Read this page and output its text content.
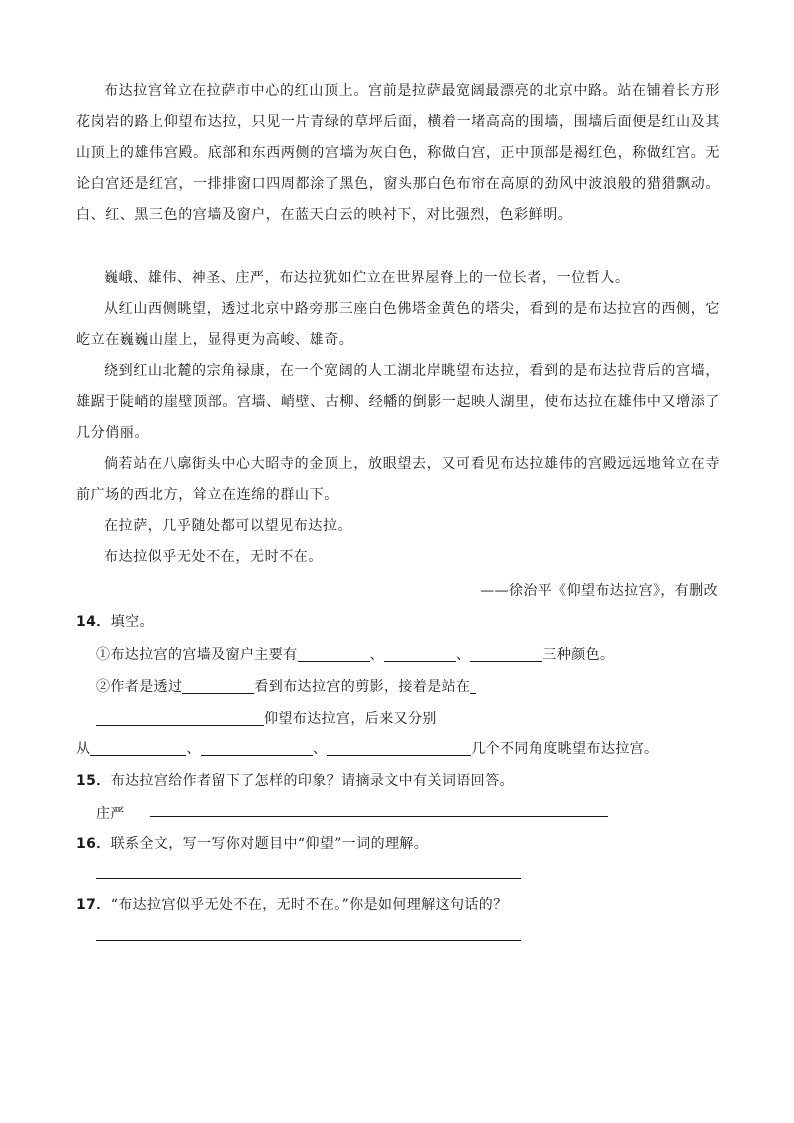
布达拉宫耸立在拉萨市中心的红山顶上。宫前是拉萨最宽阔最漂亮的北京中路。站在铺着长方形花岗岩的路上仰望布达拉，只见一片青绿的草坪后面，横着一堵高高的围墙，围墙后面便是红山及其山顶上的雄伟宫殿。底部和东西两侧的宫墙为灰白色，称做白宫，正中顶部是褐红色，称做红宫。无论白宫还是红宫，一排排窗口四周都涂了黑色，窗头那白色布帘在高原的劲风中波浪般的猎猎飘动。白、红、黑三色的宫墙及窗户，在蓝天白云的映衬下，对比强烈，色彩鲜明。

巍峨、雄伟、神圣、庄严，布达拉犹如伫立在世界屋脊上的一位长者，一位哲人。

从红山西侧眺望，透过北京中路旁那三座白色佛塔金黄色的塔尖，看到的是布达拉宫的西侧，它屹立在巍巍山崖上，显得更为高峻、雄奇。

绕到红山北麓的宗角禄康，在一个宽阔的人工湖北岸眺望布达拉，看到的是布达拉背后的宫墙，雄踞于陡峭的崖壁顶部。宫墙、峭壁、古柳、经幡的倒影一起映人湖里，使布达拉在雄伟中又增添了几分俏丽。

倘若站在八廓街头中心大昭寺的金顶上，放眼望去，又可看见布达拉雄伟的宫殿远远地耸立在寺前广场的西北方，耸立在连绵的群山下。

在拉萨，几乎随处都可以望见布达拉。

布达拉似乎无处不在，无时不在。

——徐治平《仰望布达拉宫》，有删改
14．填空。
①布达拉宫的宫墙及窗户主要有	、	、	三种颜色。
②作者是透过	看到布达拉宫的剪影，接着是站在
仰望布达拉宫，后来又分别
从	、	、	几个不同角度眺望布达拉宫。
15．布达拉宫给作者留下了怎样的印象？请摘录文中有关词语回答。
庄严
16．联系全文，写一写你对题目中“仰望”一词的理解。
17．“布达拉宫似乎无处不在，无时不在。”你是如何理解这句话的？
